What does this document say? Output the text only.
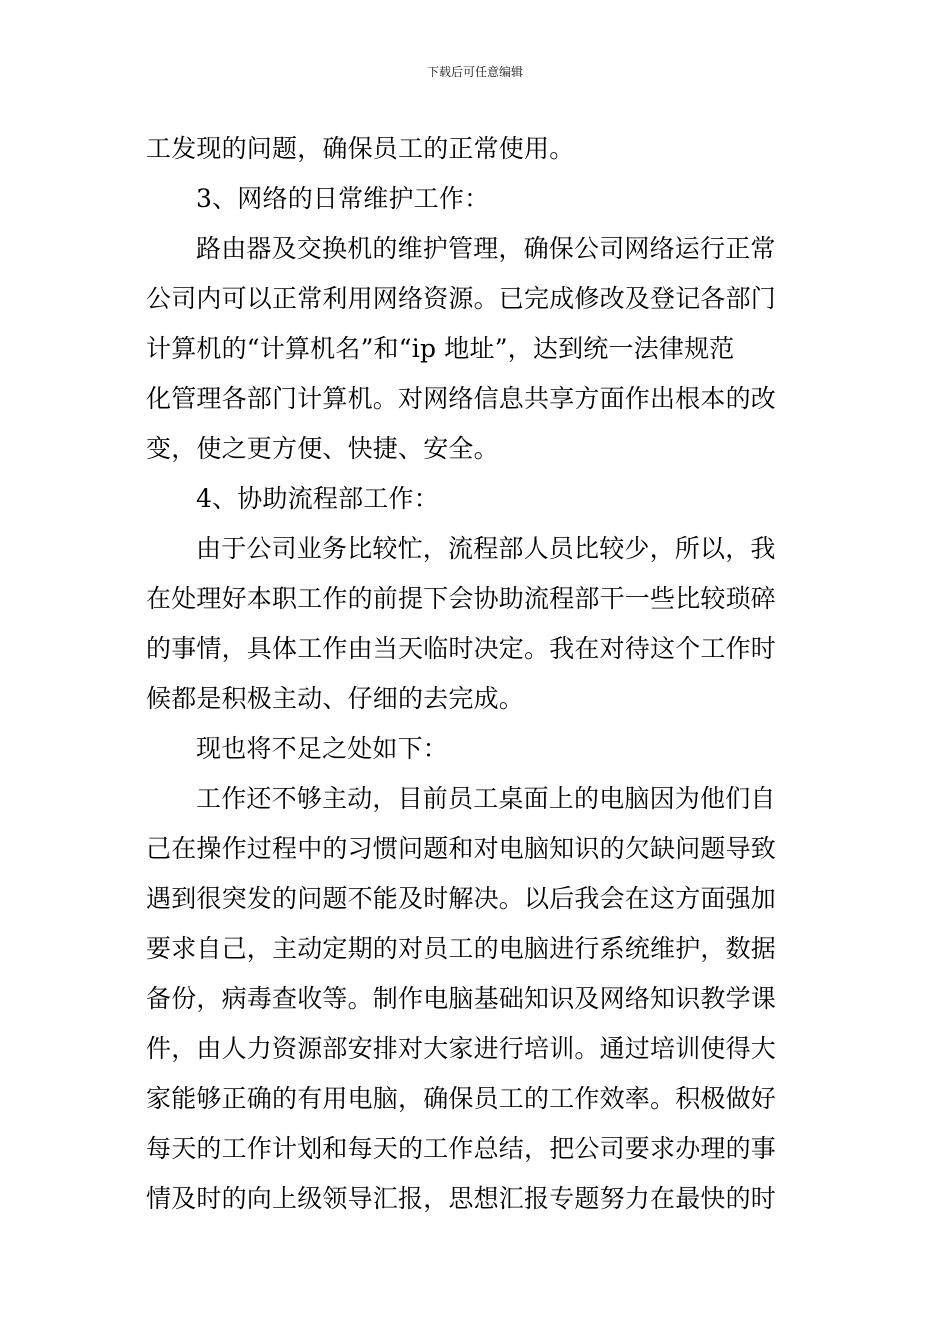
下载后可任意编辑
工发现的问题，确保员工的正常使用。
3、网络的日常维护工作：
路由器及交换机的维护管理，确保公司网络运行正常
公司内可以正常利用网络资源。已完成修改及登记各部门
计算机的“计算机名”和“ip 地址”，达到统一法律规范
化管理各部门计算机。对网络信息共享方面作出根本的改
变，使之更方便、快捷、安全。
4、协助流程部工作：
由于公司业务比较忙，流程部人员比较少，所以，我
在处理好本职工作的前提下会协助流程部干一些比较琐碎
的事情，具体工作由当天临时决定。我在对待这个工作时
候都是积极主动、仔细的去完成。
现也将不足之处如下：
工作还不够主动，目前员工桌面上的电脑因为他们自
己在操作过程中的习惯问题和对电脑知识的欠缺问题导致
遇到很突发的问题不能及时解决。以后我会在这方面强加
要求自己，主动定期的对员工的电脑进行系统维护，数据
备份，病毒查收等。制作电脑基础知识及网络知识教学课
件，由人力资源部安排对大家进行培训。通过培训使得大
家能够正确的有用电脑，确保员工的工作效率。积极做好
每天的工作计划和每天的工作总结，把公司要求办理的事
情及时的向上级领导汇报，思想汇报专题努力在最快的时
